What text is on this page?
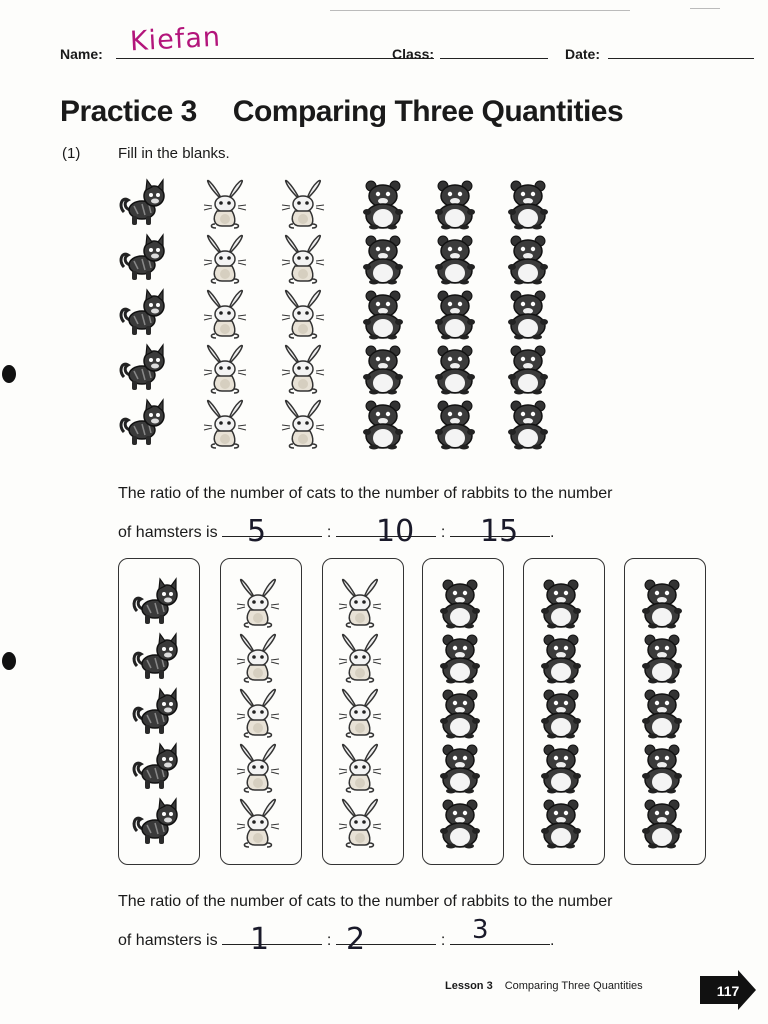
Name: Kiefan	Class:	Date:
Practice 3 Comparing Three Quantities
(1)	Fill in the blanks.
The ratio of the number of cats to the number of rabbits to the number
of hamsters is 5	: 10 : 15 .
The ratio of the number of cats to the number of rabbits to the number
of hamsters is 1	: 2	: 3	.
Lesson 3 Comparing Three Quantities	117
